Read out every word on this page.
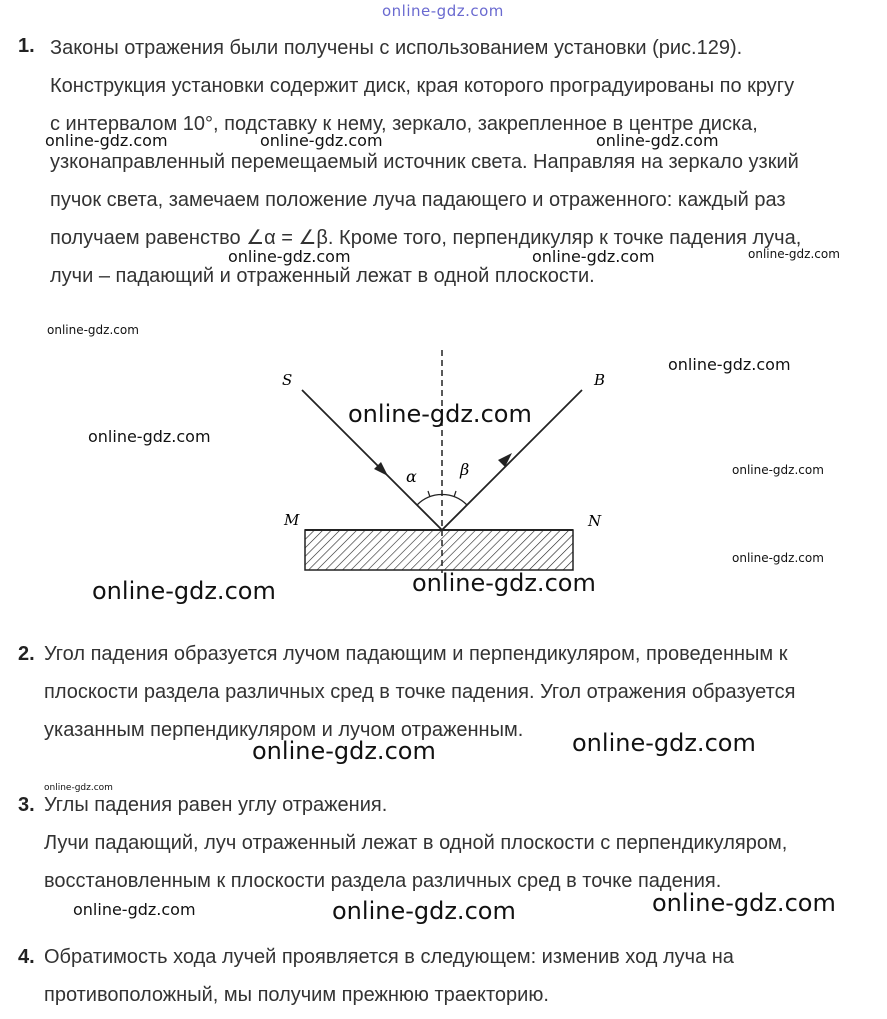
online-gdz.com
1. Законы отражения были получены с использованием установки (рис.129).
Конструкция установки содержит диск, края которого проградуированы по кругу
с интервалом 10°, подставку к нему, зеркало, закрепленное в центре диска,
узконаправленный перемещаемый источник света. Направляя на зеркало узкий
пучок света, замечаем положение луча падающего и отраженного: каждый раз
получаем равенство ∠α = ∠β. Кроме того, перпендикуляр к точке падения луча,
лучи – падающий и отраженный лежат в одной плоскости.
S	B
M	N
α	β
2. Угол падения образуется лучом падающим и перпендикуляром, проведенным к
плоскости раздела различных сред в точке падения. Угол отражения образуется
указанным перпендикуляром и лучом отраженным.
3. Углы падения равен углу отражения.
Лучи падающий, луч отраженный лежат в одной плоскости с перпендикуляром,
восстановленным к плоскости раздела различных сред в точке падения.
4. Обратимость хода лучей проявляется в следующем: изменив ход луча на
противоположный, мы получим прежнюю траекторию.
online-gdz.com	online-gdz.com	online-gdz.com
online-gdz.com	online-gdz.com	online-gdz.com
online-gdz.com
online-gdz.com
online-gdz.com
online-gdz.com
online-gdz.com
online-gdz.com
online-gdz.com
online-gdz.com
online-gdz.com
online-gdz.com
online-gdz.com
online-gdz.com	online-gdz.com
online-gdz.com
